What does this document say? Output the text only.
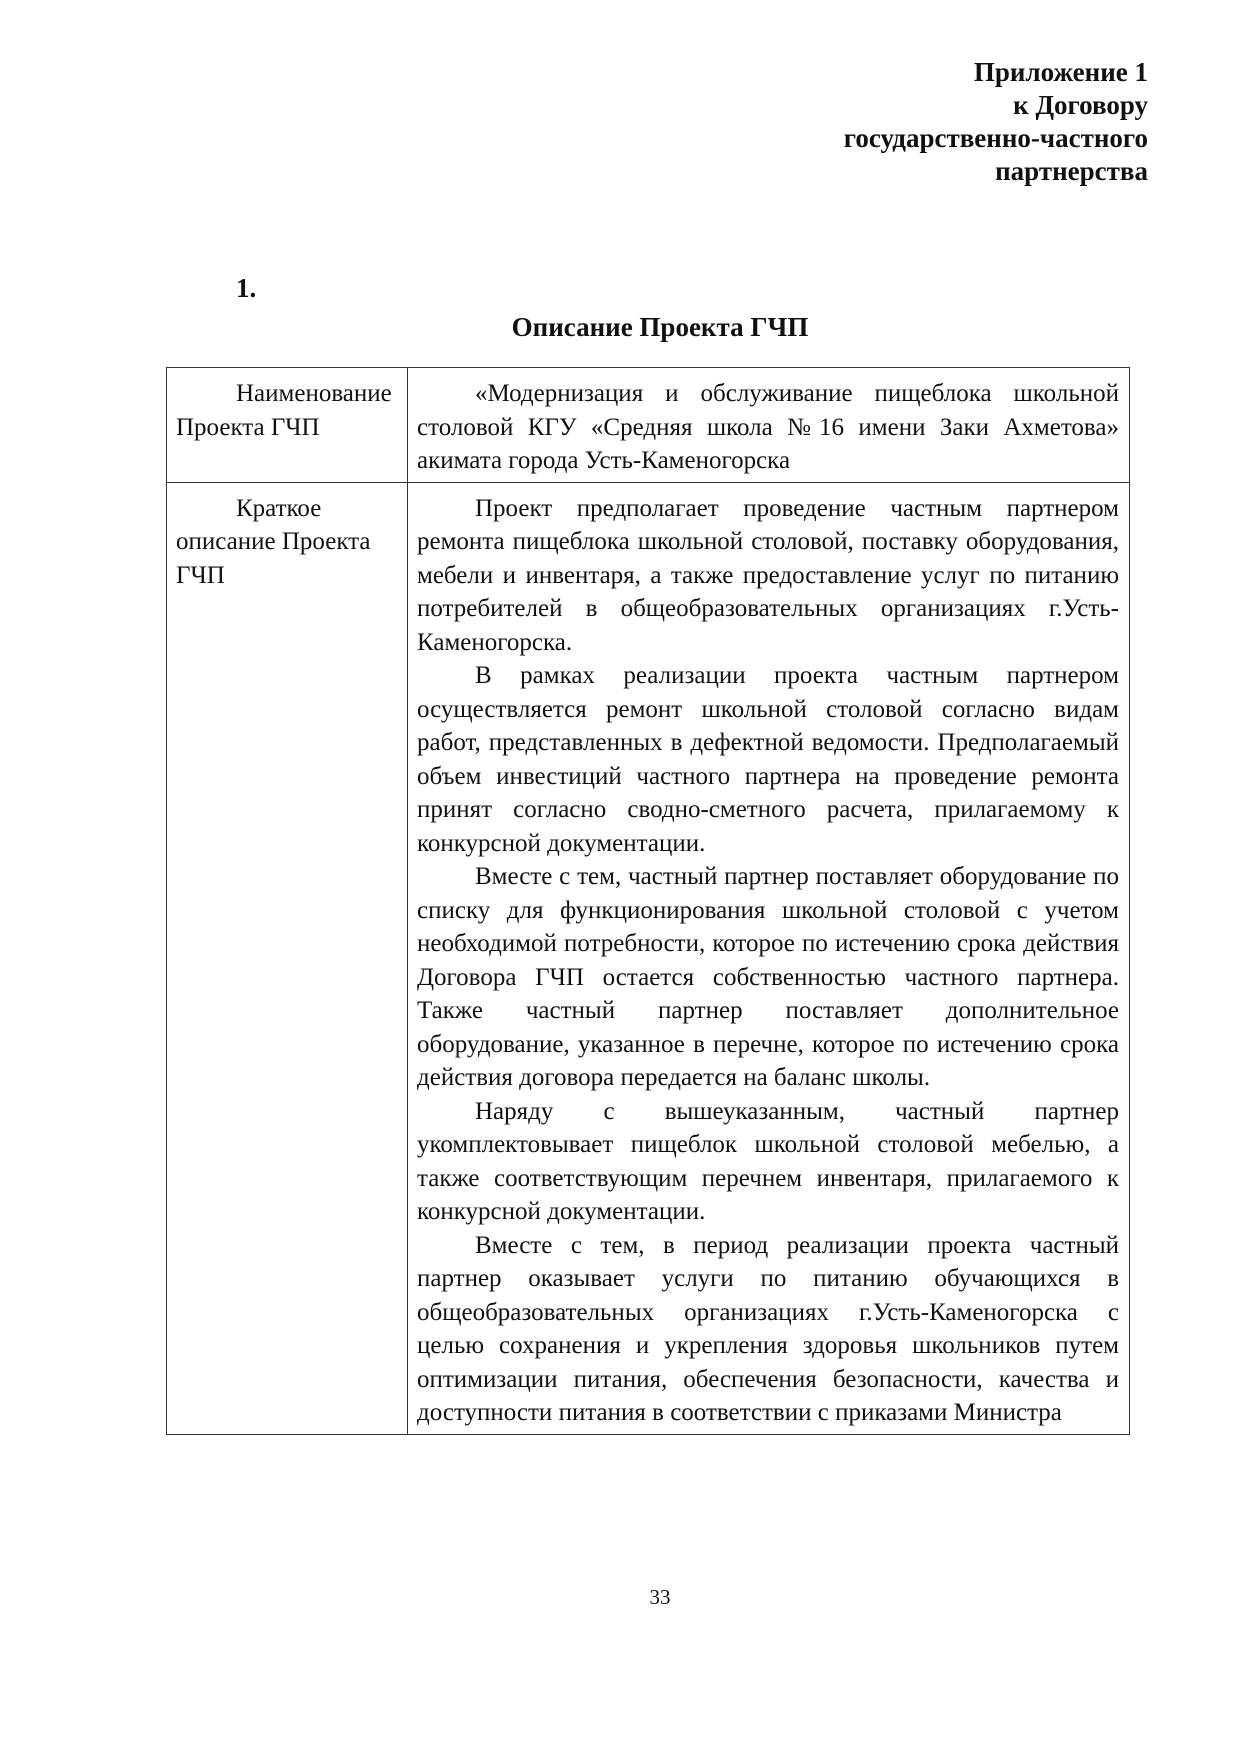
Приложение 1
к Договору
государственно-частного
партнерства
1.
Описание Проекта ГЧП
Наименование Проекта ГЧП	«Модернизация и обслуживание пищеблока школьной столовой КГУ «Средняя школа №16 имени Заки Ахметова» акимата города Усть-Каменогорска

Краткое описание Проекта ГЧП	Проект предполагает проведение частным партнером ремонта пищеблока школьной столовой, поставку оборудования, мебели и инвентаря, а также предоставление услуг по питанию потребителей в общеобразовательных организациях г.Усть-Каменогорска.

В рамках реализации проекта частным партнером осуществляется ремонт школьной столовой согласно видам работ, представленных в дефектной ведомости. Предполагаемый объем инвестиций частного партнера на проведение ремонта принят согласно сводно-сметного расчета, прилагаемому к конкурсной документации.

Вместе с тем, частный партнер поставляет оборудование по списку для функционирования школьной столовой с учетом необходимой потребности, которое по истечению срока действия Договора ГЧП остается собственностью частного партнера. Также частный партнер поставляет дополнительное оборудование, указанное в перечне, которое по истечению срока действия договора передается на баланс школы.

Наряду с вышеуказанным, частный партнер укомплектовывает пищеблок школьной столовой мебелью, а также соответствующим перечнем инвентаря, прилагаемого к конкурсной документации.

Вместе с тем, в период реализации проекта частный партнер оказывает услуги по питанию обучающихся в общеобразовательных организациях г.Усть-Каменогорска с целью сохранения и укрепления здоровья школьников путем оптимизации питания, обеспечения безопасности, качества и доступности питания в соответствии с приказами Министра

33
